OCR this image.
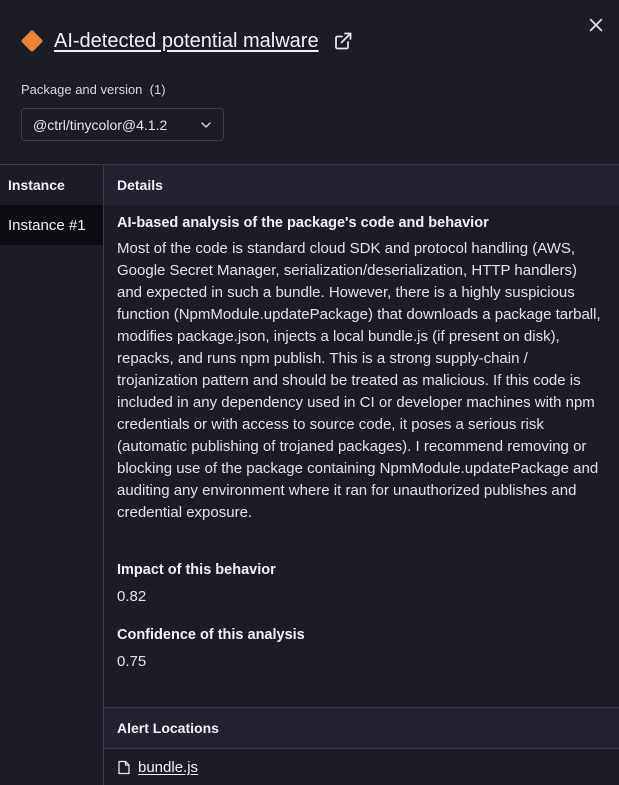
AI-detected potential malware
Package and version  (1)
@ctrl/tinycolor@4.1.2
Instance
Instance #1
Details
AI-based analysis of the package's code and behavior
Most of the code is standard cloud SDK and protocol handling (AWS, Google Secret Manager, serialization/deserialization, HTTP handlers) and expected in such a bundle. However, there is a highly suspicious function (NpmModule.updatePackage) that downloads a package tarball, modifies package.json, injects a local bundle.js (if present on disk), repacks, and runs npm publish. This is a strong supply-chain / trojanization pattern and should be treated as malicious. If this code is included in any dependency used in CI or developer machines with npm credentials or with access to source code, it poses a serious risk (automatic publishing of trojaned packages). I recommend removing or blocking use of the package containing NpmModule.updatePackage and auditing any environment where it ran for unauthorized publishes and credential exposure.
Impact of this behavior
0.82
Confidence of this analysis
0.75
Alert Locations
bundle.js
